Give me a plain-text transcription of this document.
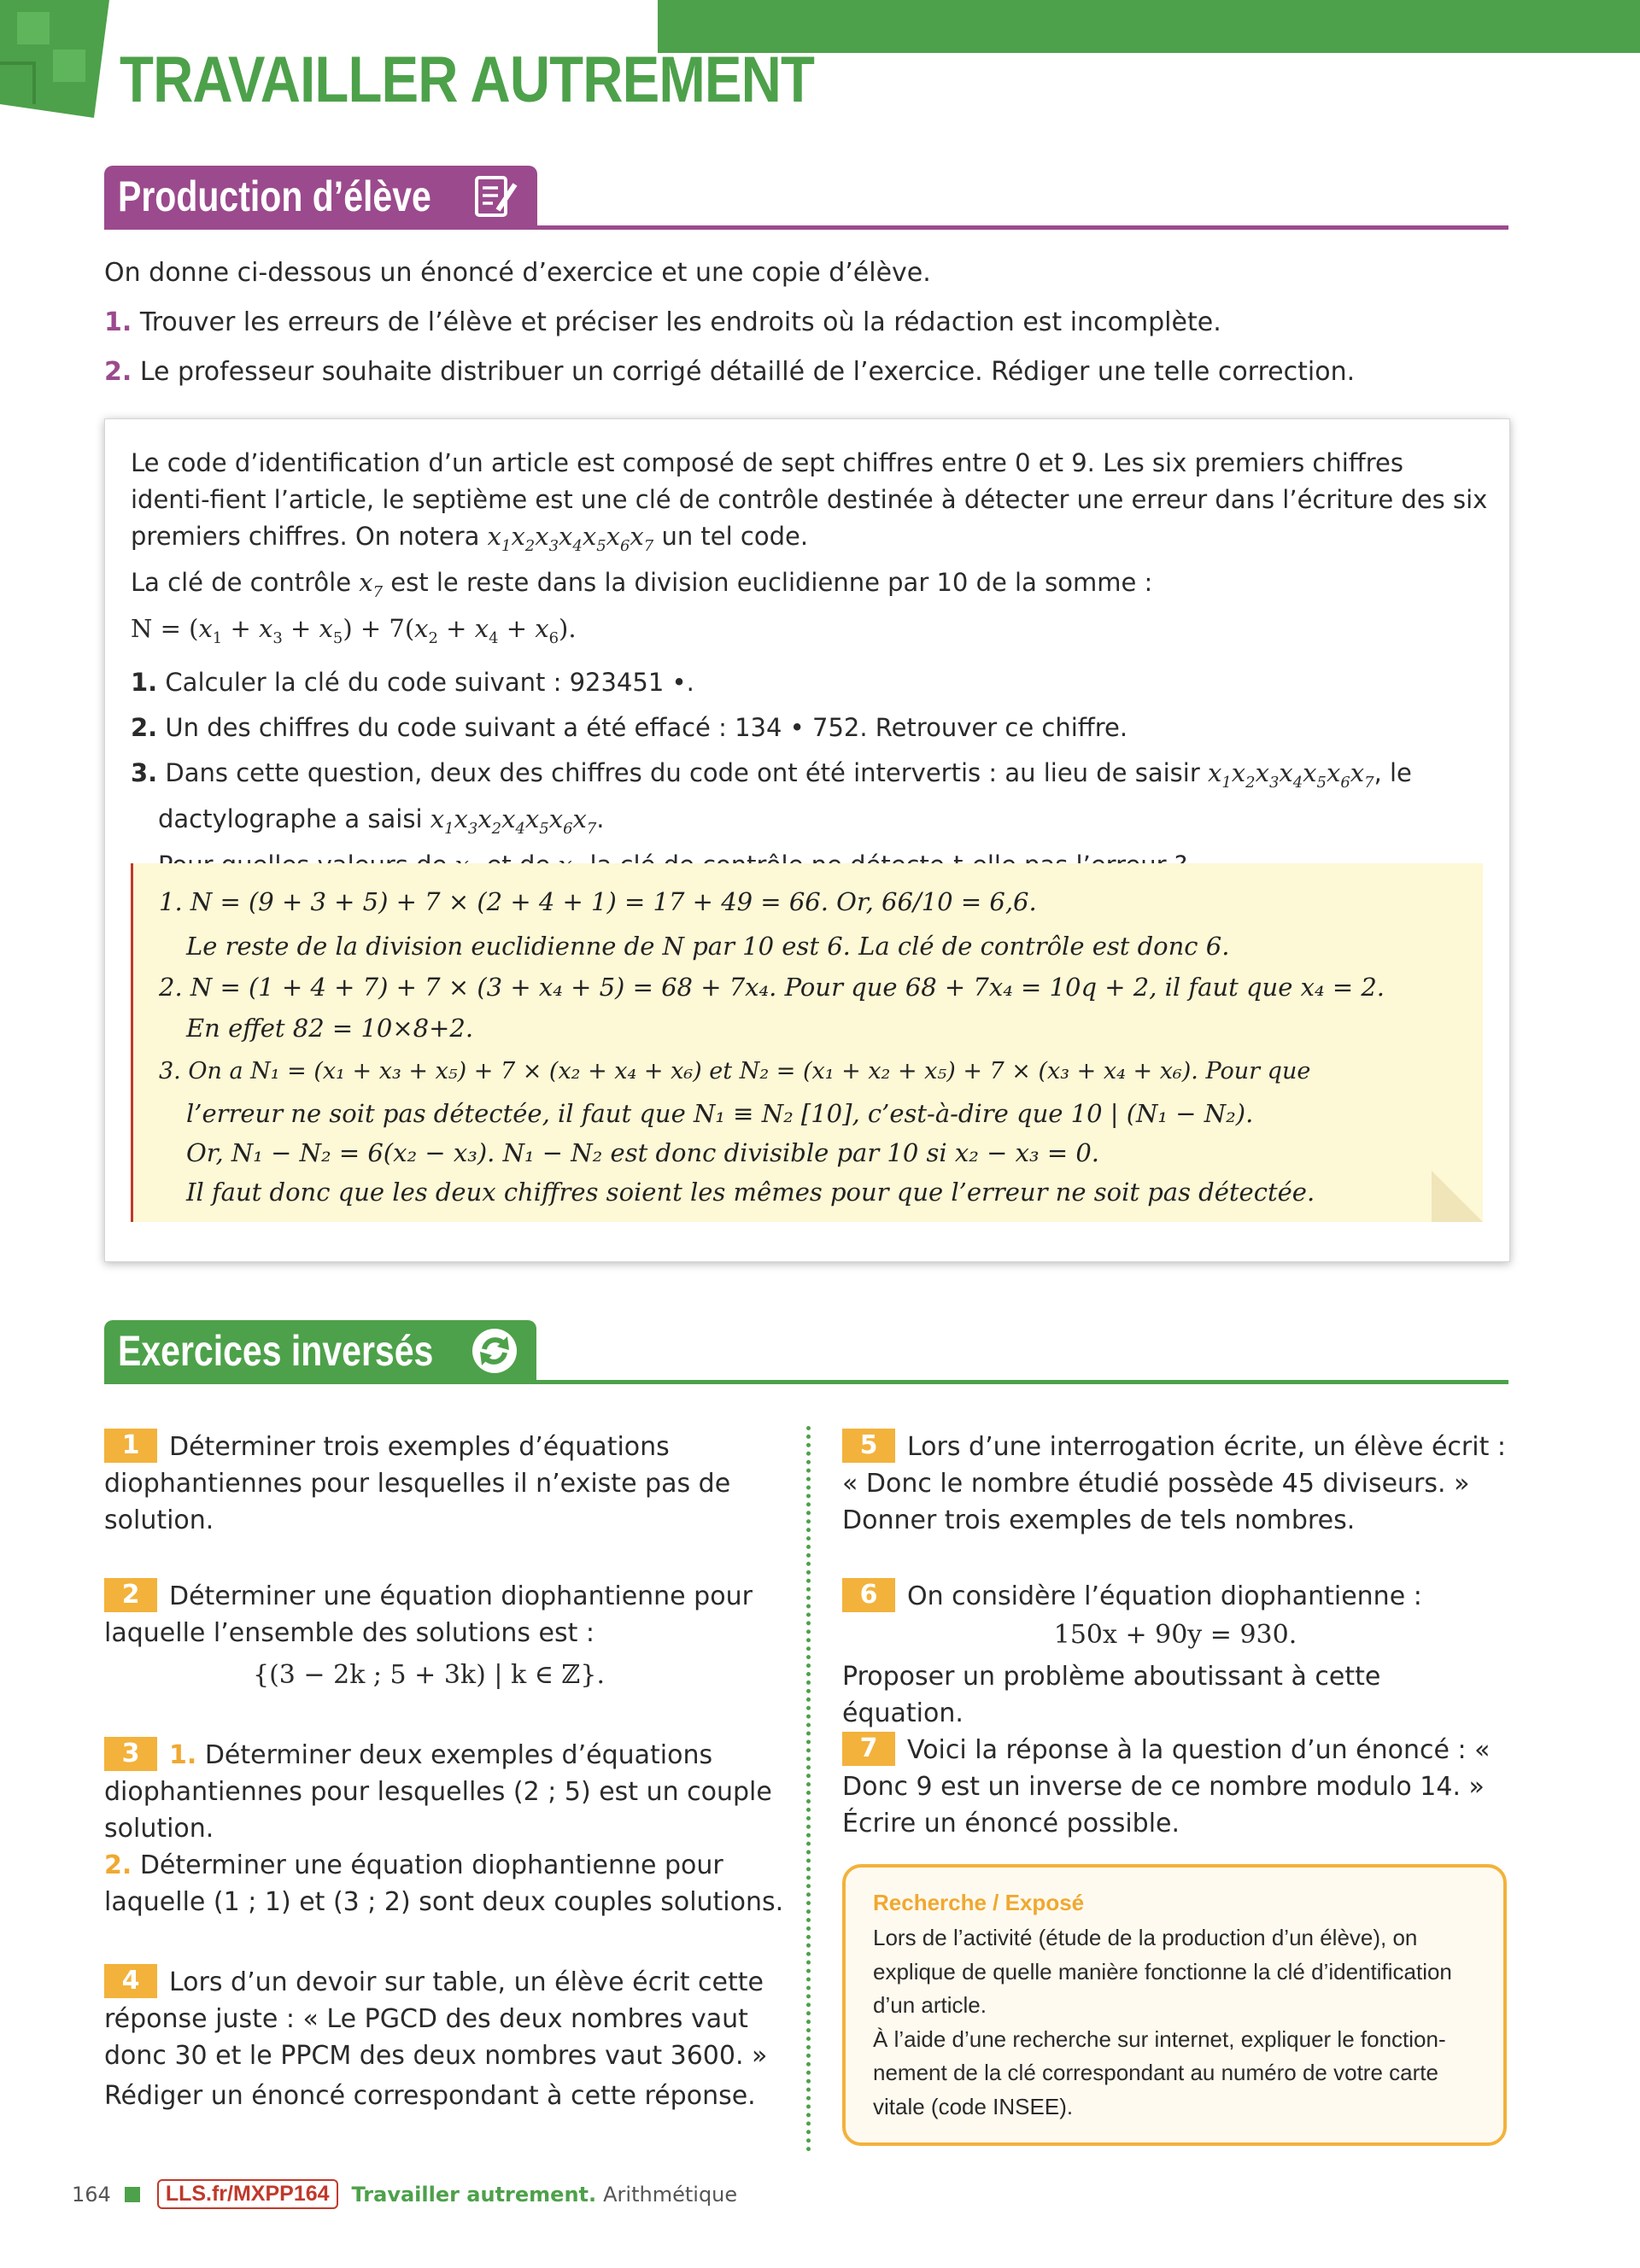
TRAVAILLER AUTREMENT
Production d’élève

On donne ci-dessous un énoncé d’exercice et une copie d’élève.

1. Trouver les erreurs de l’élève et préciser les endroits où la rédaction est incomplète.

2. Le professeur souhaite distribuer un corrigé détaillé de l’exercice. Rédiger une telle correction.

Le code d’identification d’un article est composé de sept chiffres entre 0 et 9. Les six premiers chiffres identi-fient l’article, le septième est une clé de contrôle destinée à détecter une erreur dans l’écriture des six premiers chiffres. On notera $x_1x_2x_3x_4x_5x_6x_7$ un tel code.

La clé de contrôle $x_7$ est le reste dans la division euclidienne par 10 de la somme :

$N = (x_1 + x_3 + x_5) + 7(x_2 + x_4 + x_6)$.

1. Calculer la clé du code suivant : 923451 •.

2. Un des chiffres du code suivant a été effacé : 134 • 752. Retrouver ce chiffre.

3. Dans cette question, deux des chiffres du code ont été intervertis : au lieu de saisir $x_1x_2x_3x_4x_5x_6x_7$, le dactylographe a saisi $x_1x_3x_2x_4x_5x_6x_7$.

1. N = (9 + 3 + 5) + 7 × (2 + 4 + 1) = 17 + 49 = 66. Or, 66/10 = 6,6.
Le reste de la division euclidienne de N par 10 est 6. La clé de contrôle est donc 6.
2. N = (1 + 4 + 7) + 7 × (3 + x₄ + 5) = 68 + 7x₄. Pour que 68 + 7x₄ = 10q + 2, il faut que x₄ = 2.
En effet 82 = 10×8+2.
3. On a N₁ = (x₁ + x₃ + x₅) + 7 × (x₂ + x₄ + x₆) et N₂ = (x₁ + x₂ + x₅) + 7 × (x₃ + x₄ + x₆). Pour que
l’erreur ne soit pas détectée, il faut que N₁ ≡ N₂ [10], c’est-à-dire que 10 | (N₁ − N₂).
Or, N₁ − N₂ = 6(x₂ − x₃). N₁ − N₂ est donc divisible par 10 si x₂ − x₃ = 0.
Il faut donc que les deux chiffres soient les mêmes pour que l’erreur ne soit pas détectée.
Exercices inversés

1 Déterminer trois exemples d’équations diophantiennes pour lesquelles il n’existe pas de solution.

2 Déterminer une équation diophantienne pour laquelle l’ensemble des solutions est :

{(3 − 2k ; 5 + 3k) | k ∈ ℤ}.

3 1. Déterminer deux exemples d’équations diophantiennes pour lesquelles (2 ; 5) est un couple solution.

2. Déterminer une équation diophantienne pour laquelle (1 ; 1) et (3 ; 2) sont deux couples solutions.

4 Lors d’un devoir sur table, un élève écrit cette réponse juste : « Le PGCD des deux nombres vaut donc 30 et le PPCM des deux nombres vaut 3600. »

Rédiger un énoncé correspondant à cette réponse.

5 Lors d’une interrogation écrite, un élève écrit : « Donc le nombre étudié possède 45 diviseurs. »

Donner trois exemples de tels nombres.

6 On considère l’équation diophantienne :

150x + 90y = 930.

Proposer un problème aboutissant à cette équation.

7 Voici la réponse à la question d’un énoncé : « Donc 9 est un inverse de ce nombre modulo 14. »

Écrire un énoncé possible.

Recherche / Exposé
Lors de l’activité (étude de la production d’un élève), on explique de quelle manière fonctionne la clé d’identification d’un article.
À l’aide d’une recherche sur internet, expliquer le fonction-nement de la clé correspondant au numéro de votre carte vitale (code INSEE).
164	LLS.fr/MXPP164	Travailler autrement. Arithmétique
